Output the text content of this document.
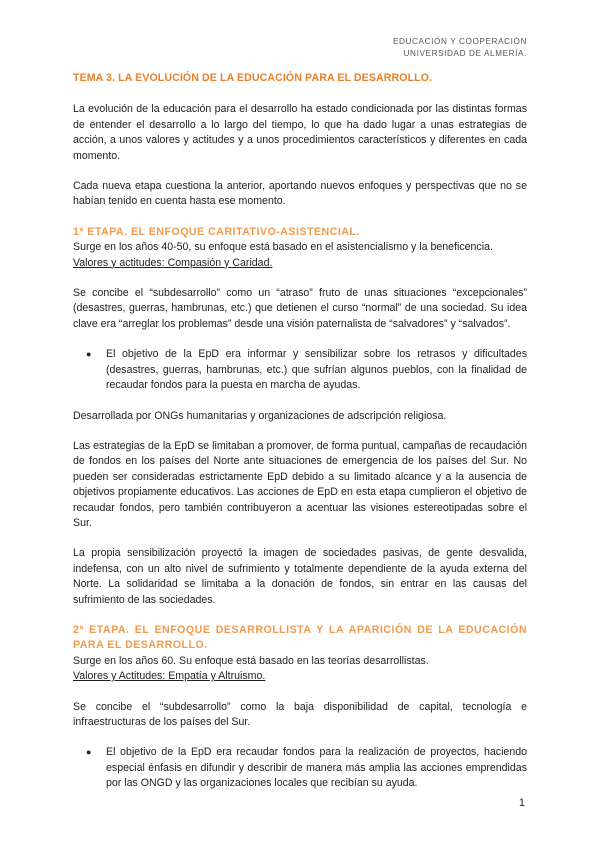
EDUCACIÓN Y COOPERACIÓN
UNIVERSIDAD DE ALMERÍA.

TEMA 3. LA EVOLUCIÓN DE LA EDUCACIÓN PARA EL DESARROLLO.

La evolución de la educación para el desarrollo ha estado condicionada por las distintas formas de entender el desarrollo a lo largo del tiempo, lo que ha dado lugar a unas estrategias de acción, a unos valores y actitudes y a unos procedimientos característicos y diferentes en cada momento.

Cada nueva etapa cuestiona la anterior, aportando nuevos enfoques y perspectivas que no se habían tenido en cuenta hasta ese momento.

1ª ETAPA. EL ENFOQUE CARITATIVO-ASISTENCIAL.

Surge en los años 40-50, su enfoque está basado en el asistencialismo y la beneficencia.

Valores y actitudes: Compasión y Caridad.

Se concibe el “subdesarrollo” como un “atraso” fruto de unas situaciones “excepcionales” (desastres, guerras, hambrunas, etc.) que detienen el curso “normal” de una sociedad. Su idea clave era “arreglar los problemas” desde una visión paternalista de “salvadores” y “salvados”.

● El objetivo de la EpD era informar y sensibilizar sobre los retrasos y dificultades (desastres, guerras, hambrunas, etc.) que sufrían algunos pueblos, con la finalidad de recaudar fondos para la puesta en marcha de ayudas.

Desarrollada por ONGs humanitarias y organizaciones de adscripción religiosa.

Las estrategias de la EpD se limitaban a promover, de forma puntual, campañas de recaudación de fondos en los países del Norte ante situaciones de emergencia de los países del Sur. No pueden ser consideradas estrictamente EpD debido a su limitado alcance y a la ausencia de objetivos propiamente educativos. Las acciones de EpD en esta etapa cumplieron el objetivo de recaudar fondos, pero también contribuyeron a acentuar las visiones estereotipadas sobre el Sur.

La propia sensibilización proyectó la imagen de sociedades pasivas, de gente desvalida, indefensa, con un alto nivel de sufrimiento y totalmente dependiente de la ayuda externa del Norte. La solidaridad se limitaba a la donación de fondos, sin entrar en las causas del sufrimiento de las sociedades.

2ª ETAPA. EL ENFOQUE DESARROLLISTA Y LA APARICIÓN DE LA EDUCACIÓN PARA EL DESARROLLO.

Surge en los años 60. Su enfoque está basado en las teorías desarrollistas.

Valores y Actitudes: Empatía y Altruismo.

Se concibe el “subdesarrollo” como la baja disponibilidad de capital, tecnología e infraestructuras de los países del Sur.

● El objetivo de la EpD era recaudar fondos para la realización de proyectos, haciendo especial énfasis en difundir y describir de manera más amplia las acciones emprendidas por las ONGD y las organizaciones locales que recibían su ayuda.

1
